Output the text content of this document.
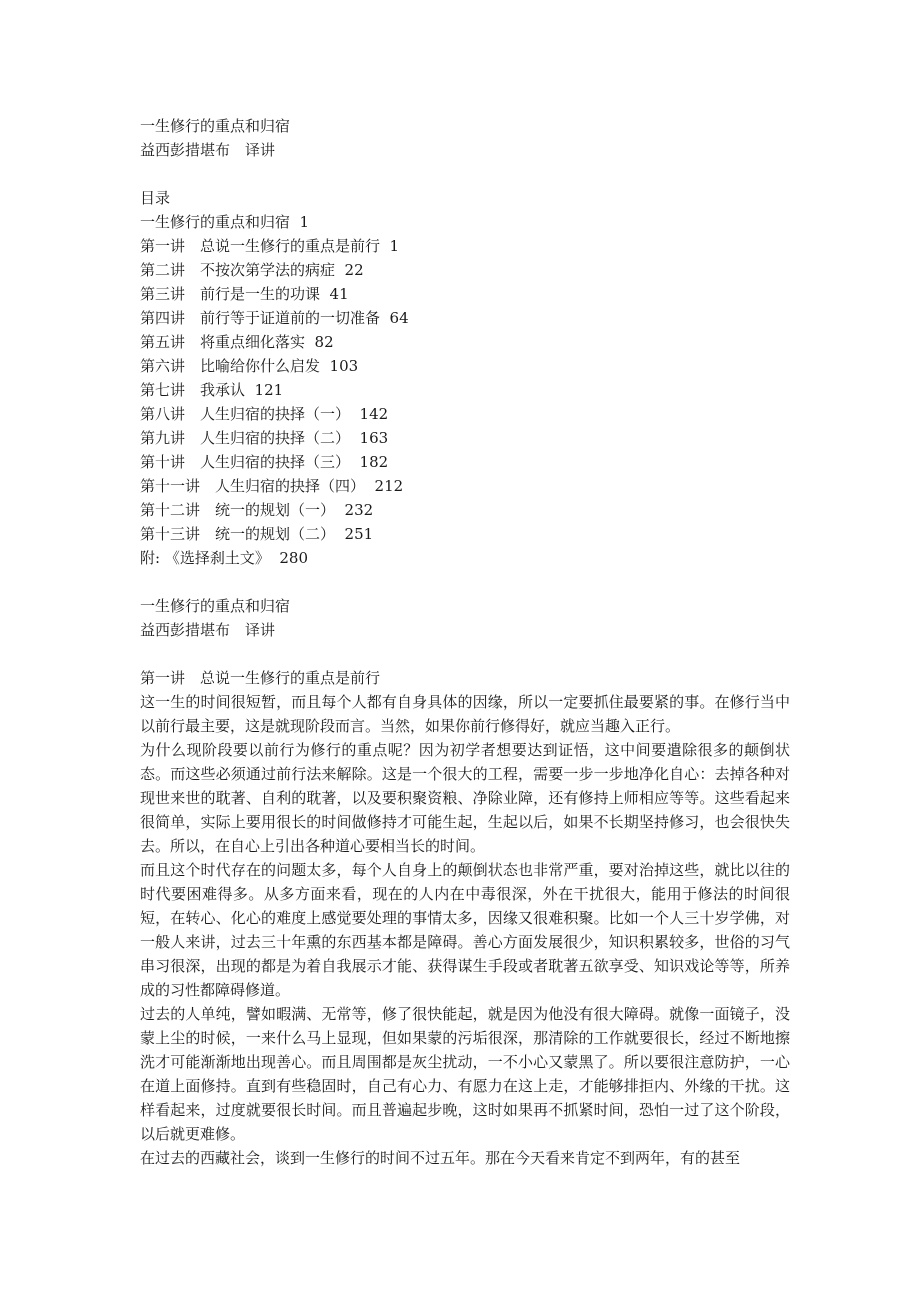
一生修行的重点和归宿
益西彭措堪布　译讲
目录
一生修行的重点和归宿  1
第一讲　总说一生修行的重点是前行  1
第二讲　不按次第学法的病症  22
第三讲　前行是一生的功课  41
第四讲　前行等于证道前的一切准备  64
第五讲　将重点细化落实  82
第六讲　比喻给你什么启发  103
第七讲　我承认  121
第八讲　人生归宿的抉择（一）  142
第九讲　人生归宿的抉择（二）  163
第十讲　人生归宿的抉择（三）  182
第十一讲　人生归宿的抉择（四）  212
第十二讲　统一的规划（一）  232
第十三讲　统一的规划（二）  251
附: 《选择刹土文》  280
一生修行的重点和归宿
益西彭措堪布　译讲
第一讲　总说一生修行的重点是前行

这一生的时间很短暂，而且每个人都有自身具体的因缘，所以一定要抓住最要紧的事。在修行当中以前行最主要，这是就现阶段而言。当然，如果你前行修得好，就应当趣入正行。

为什么现阶段要以前行为修行的重点呢？因为初学者想要达到证悟，这中间要遣除很多的颠倒状态。而这些必须通过前行法来解除。这是一个很大的工程，需要一步一步地净化自心：去掉各种对现世来世的耽著、自利的耽著，以及要积聚资粮、净除业障，还有修持上师相应等等。这些看起来很简单，实际上要用很长的时间做修持才可能生起，生起以后，如果不长期坚持修习，也会很快失去。所以，在自心上引出各种道心要相当长的时间。

而且这个时代存在的问题太多，每个人自身上的颠倒状态也非常严重，要对治掉这些，就比以往的时代要困难得多。从多方面来看，现在的人内在中毒很深，外在干扰很大，能用于修法的时间很短，在转心、化心的难度上感觉要处理的事情太多，因缘又很难积聚。比如一个人三十岁学佛，对一般人来讲，过去三十年熏的东西基本都是障碍。善心方面发展很少，知识积累较多，世俗的习气串习很深，出现的都是为着自我展示才能、获得谋生手段或者耽著五欲享受、知识戏论等等，所养成的习性都障碍修道。

过去的人单纯，譬如暇满、无常等，修了很快能起，就是因为他没有很大障碍。就像一面镜子，没蒙上尘的时候，一来什么马上显现，但如果蒙的污垢很深，那清除的工作就要很长，经过不断地擦洗才可能渐渐地出现善心。而且周围都是灰尘扰动，一不小心又蒙黑了。所以要很注意防护，一心在道上面修持。直到有些稳固时，自己有心力、有愿力在这上走，才能够排拒内、外缘的干扰。这样看起来，过度就要很长时间。而且普遍起步晚，这时如果再不抓紧时间，恐怕一过了这个阶段，以后就更难修。

在过去的西藏社会，谈到一生修行的时间不过五年。那在今天看来肯定不到两年，有的甚至
